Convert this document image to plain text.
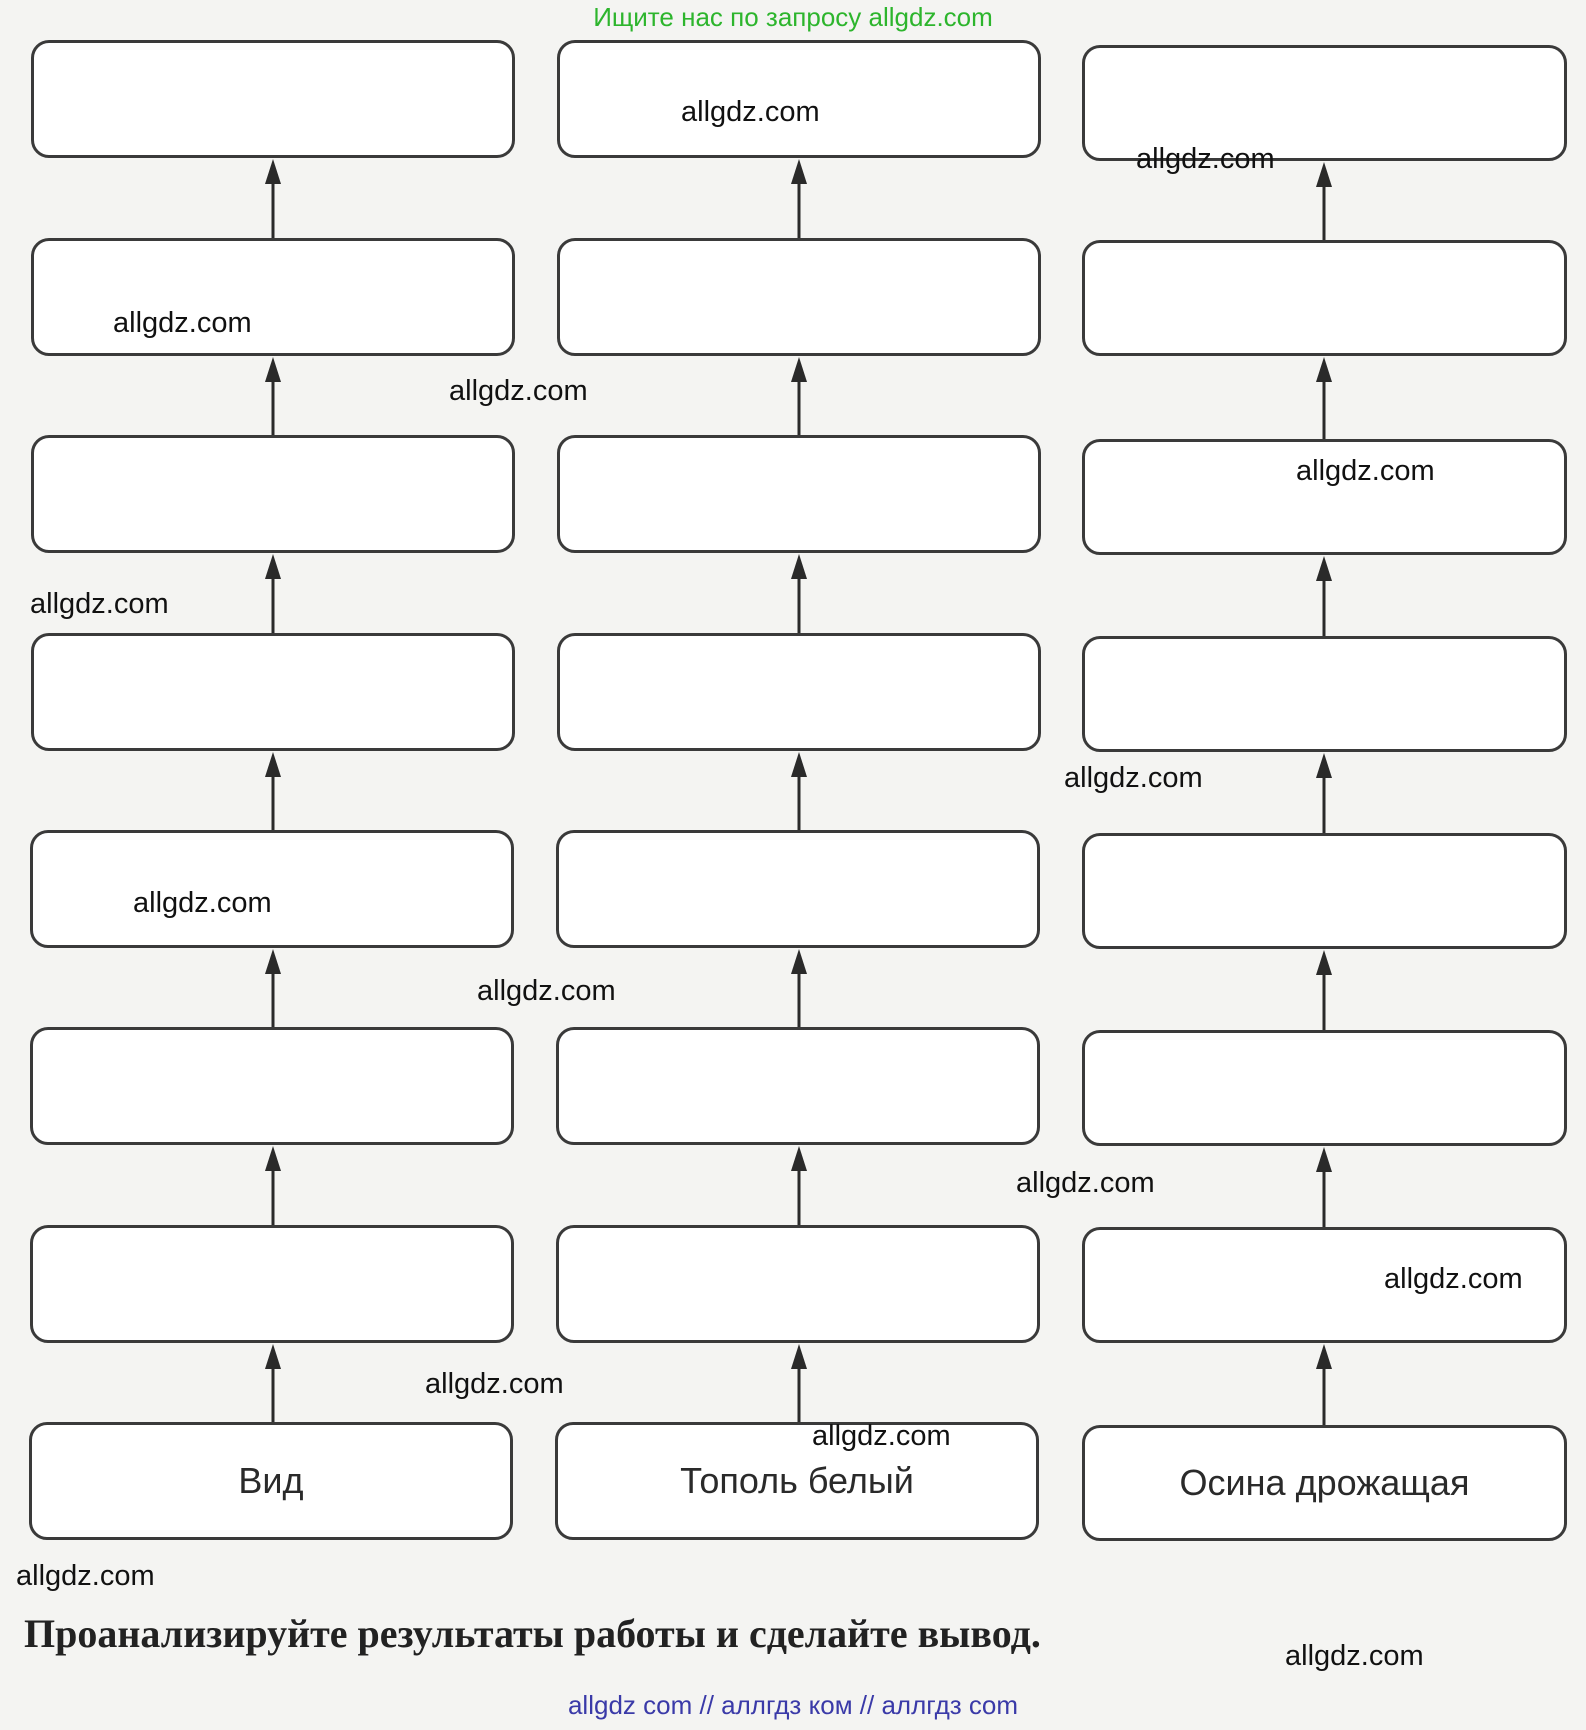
Ищите нас по запросу allgdz.com
Вид	Тополь белый	Осина дрожащая
allgdz.com
allgdz.com
allgdz.com
allgdz.com
allgdz.com
allgdz.com
allgdz.com
allgdz.com
allgdz.com
allgdz.com
allgdz.com
allgdz.com
allgdz.com
allgdz.com
allgdz.com
Проанализируйте результаты работы и сделайте вывод.
allgdz com // аллгдз ком // аллгдз com
